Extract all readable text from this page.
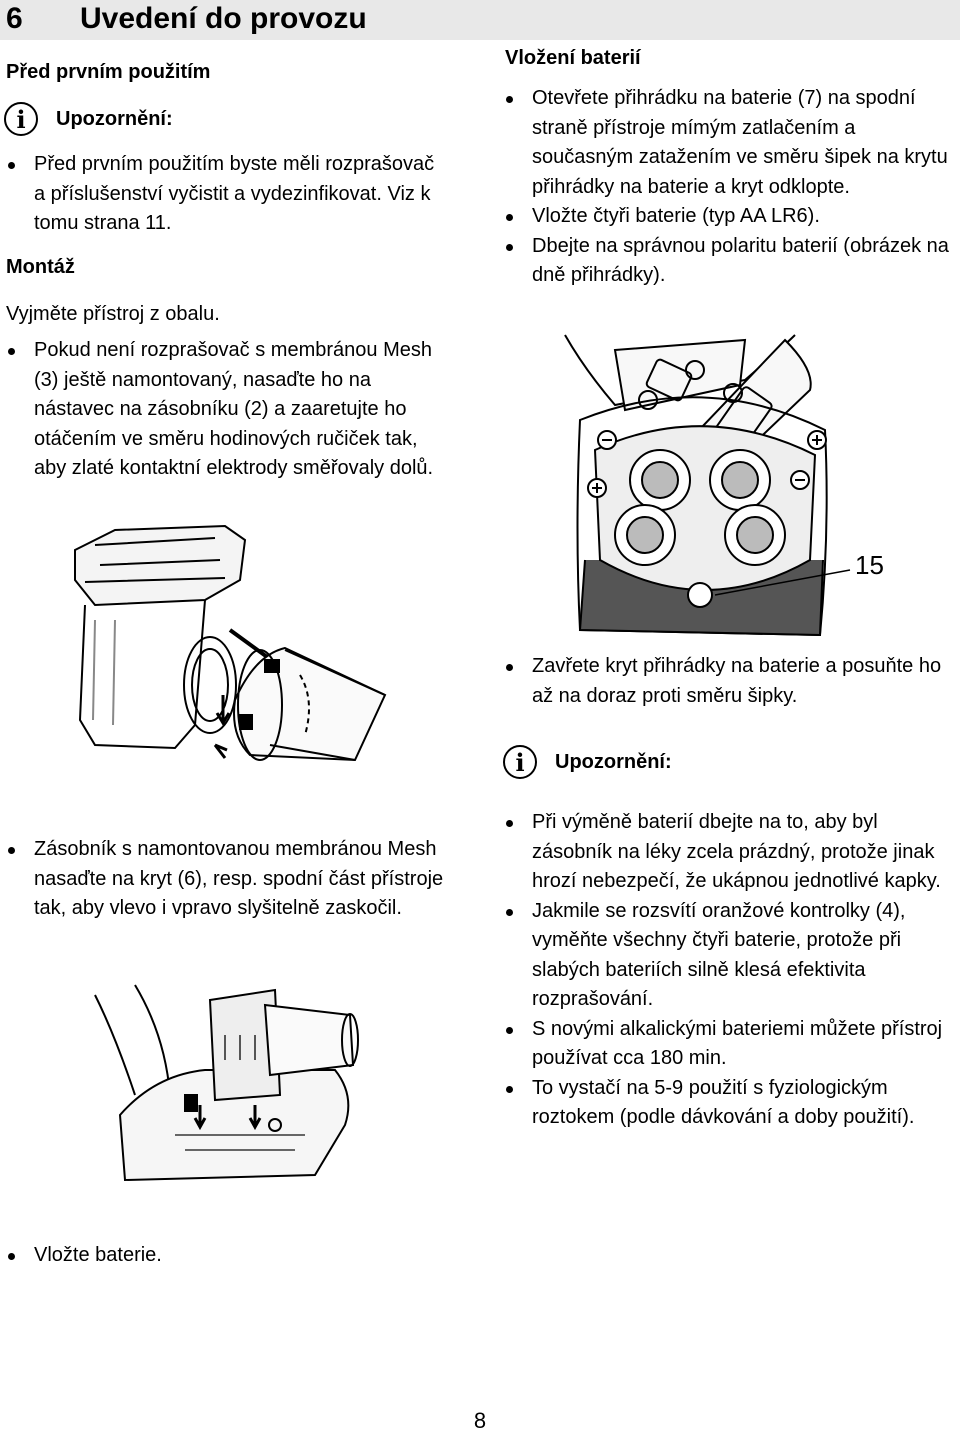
6 Uvedení do provozu
Před prvním použitím
i	Upozornění:
Před prvním použitím byste měli rozprašovač a příslušenství vyčistit a vydezinfikovat. Viz k tomu strana 11.
Montáž
Vyjměte přístroj z obalu.
Pokud není rozprašovač s membránou Mesh (3) ještě namontovaný, nasaďte ho na nástavec na zásobníku (2) a zaaretujte ho otáčením ve směru hodinových ručiček tak, aby zlaté kontaktní elektrody směřovaly dolů.
Zásobník s namontovanou membránou Mesh nasaďte na kryt (6), resp. spodní část přístroje tak, aby vlevo i vpravo slyšitelně zaskočil.
Vložte baterie.
Vložení baterií
Otevřete přihrádku na baterie (7) na spodní straně přístroje mímým zatlačením a současným zatažením ve směru šipek na krytu přihrádky na baterie a kryt odklopte.
Vložte čtyři baterie (typ AA LR6).
Dbejte na správnou polaritu baterií (obrázek na dně přihrádky).
15
Zavřete kryt přihrádky na baterie a posuňte ho až na doraz proti směru šipky.
i	Upozornění:
Při výměně baterií dbejte na to, aby byl zásobník na léky zcela prázdný, protože jinak hrozí nebezpečí, že ukápnou jednotlivé kapky.
Jakmile se rozsvítí oranžové kontrolky (4), vyměňte všechny čtyři baterie, protože při slabých bateriích silně klesá efektivita rozprašování.
S novými alkalickými bateriemi můžete přístroj používat cca 180 min.
To vystačí na 5-9 použití s fyziologickým roztokem (podle dávkování a doby použití).
8
